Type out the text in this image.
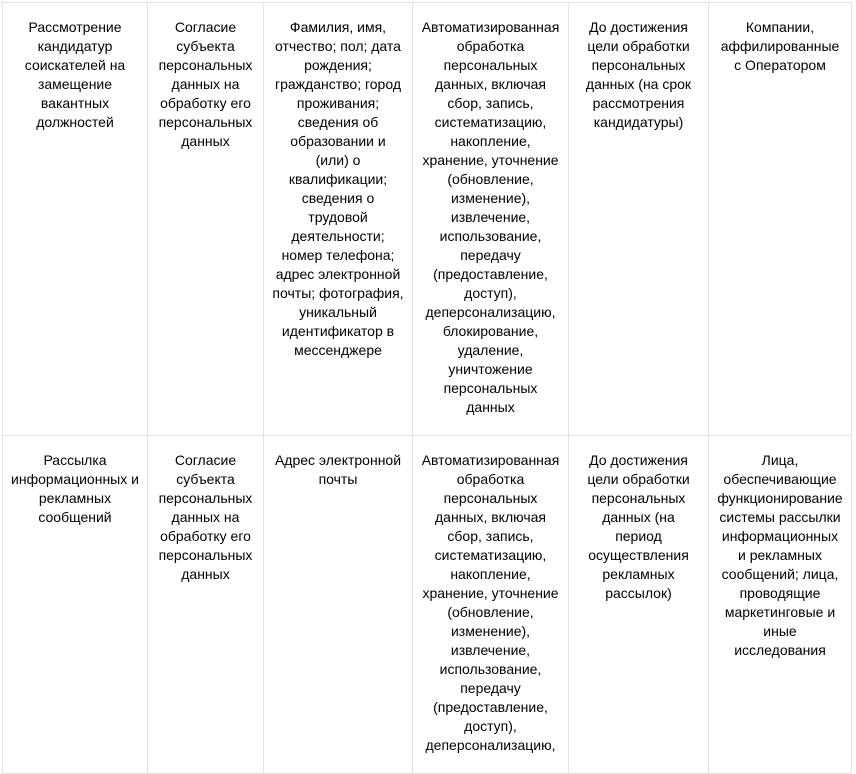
Рассмотрение кандидатур соискателей на замещение вакантных должностей	Согласие субъекта персональных данных на обработку его персональных данных	Фамилия, имя, отчество; пол; дата рождения; гражданство; город проживания; сведения об образовании и (или) о квалификации; сведения о трудовой деятельности; номер телефона; адрес электронной почты; фотография, уникальный идентификатор в мессенджере	Автоматизированная обработка персональных данных, включая сбор, запись, систематизацию, накопление, хранение, уточнение (обновление, изменение), извлечение, использование, передачу (предоставление, доступ), деперсонализацию, блокирование, удаление, уничтожение персональных данных	До достижения цели обработки персональных данных (на срок рассмотрения кандидатуры)	Компании, аффилированные с Оператором
Рассылка информационных и рекламных сообщений	Согласие субъекта персональных данных на обработку его персональных данных	Адрес электронной почты	Автоматизированная обработка персональных данных, включая сбор, запись, систематизацию, накопление, хранение, уточнение (обновление, изменение), извлечение, использование, передачу (предоставление, доступ), деперсонализацию,	До достижения цели обработки персональных данных (на период осуществления рекламных рассылок)	Лица, обеспечивающие функционирование системы рассылки информационных и рекламных сообщений; лица, проводящие маркетинговые и иные исследования
